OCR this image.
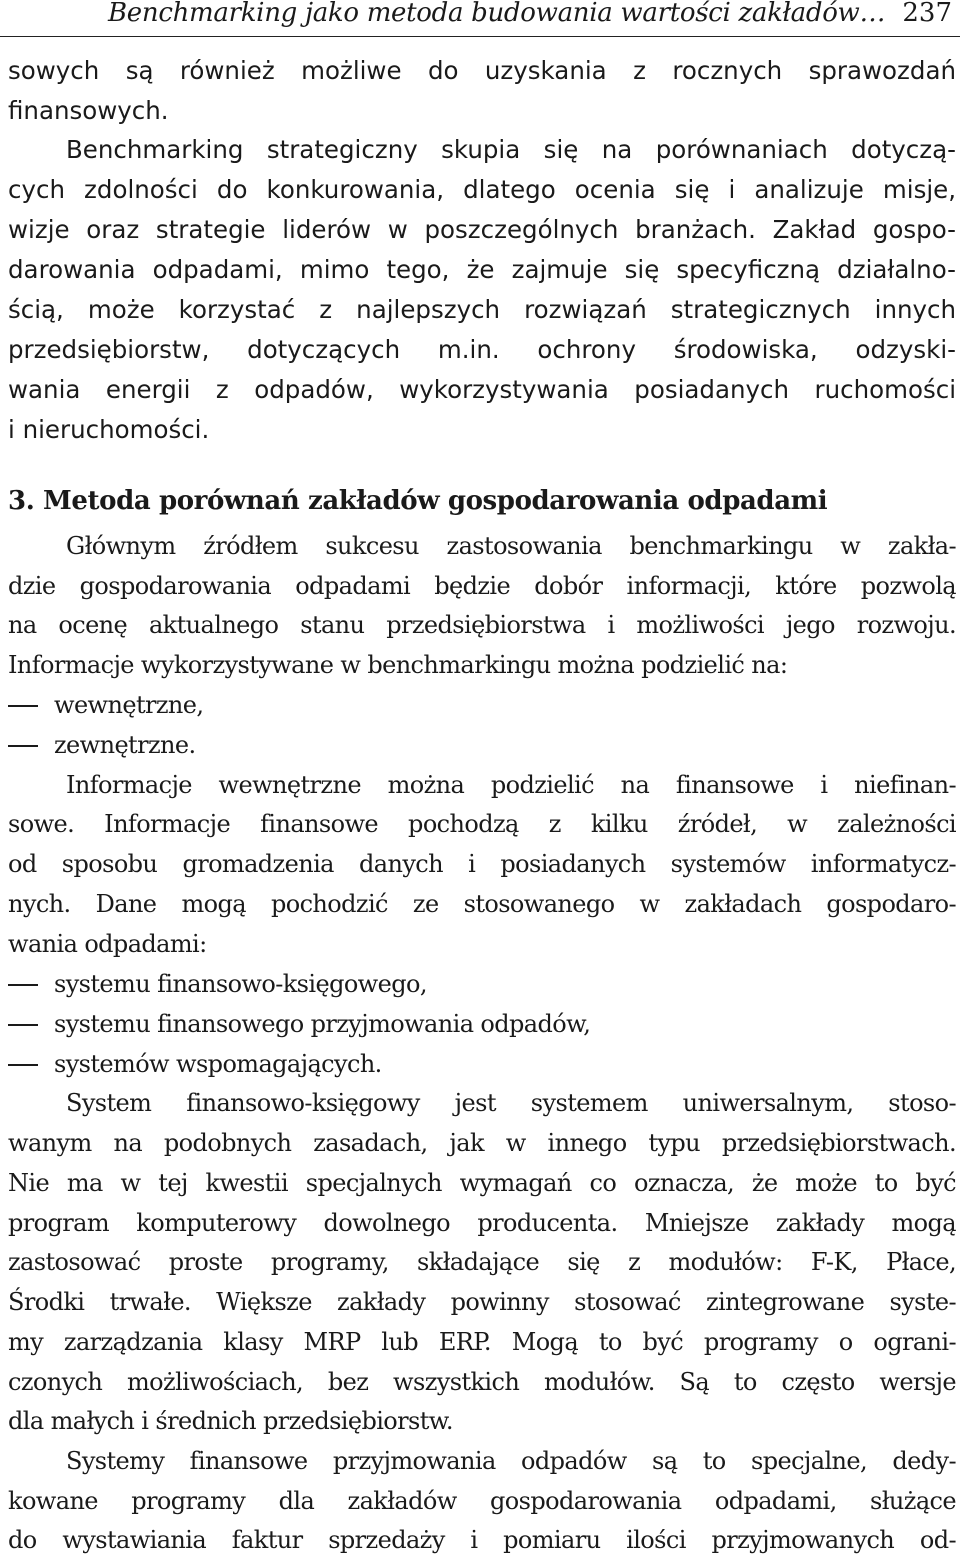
Benchmarking jako metoda budowania wartości zakładów… 237
sowych są również możliwe do uzyskania z rocznych sprawozdań
finansowych.
Benchmarking strategiczny skupia się na porównaniach dotyczą-
cych zdolności do konkurowania, dlatego ocenia się i analizuje misje,
wizje oraz strategie liderów w poszczególnych branżach. Zakład gospo-
darowania odpadami, mimo tego, że zajmuje się specyficzną działalno-
ścią, może korzystać z najlepszych rozwiązań strategicznych innych
przedsiębiorstw, dotyczących m.in. ochrony środowiska, odzyski-
wania energii z odpadów, wykorzystywania posiadanych ruchomości
i nieruchomości.
3. Metoda porównań zakładów gospodarowania odpadami
Głównym źródłem sukcesu zastosowania benchmarkingu w zakła-
dzie gospodarowania odpadami będzie dobór informacji, które pozwolą
na ocenę aktualnego stanu przedsiębiorstwa i możliwości jego rozwoju.
Informacje wykorzystywane w benchmarkingu można podzielić na:
wewnętrzne,
zewnętrzne.
Informacje wewnętrzne można podzielić na finansowe i niefinan-
sowe. Informacje finansowe pochodzą z kilku źródeł, w zależności
od sposobu gromadzenia danych i posiadanych systemów informatycz-
nych. Dane mogą pochodzić ze stosowanego w zakładach gospodaro-
wania odpadami:
systemu finansowo-księgowego,
systemu finansowego przyjmowania odpadów,
systemów wspomagających.
System finansowo-księgowy jest systemem uniwersalnym, stoso-
wanym na podobnych zasadach, jak w innego typu przedsiębiorstwach.
Nie ma w tej kwestii specjalnych wymagań co oznacza, że może to być
program komputerowy dowolnego producenta. Mniejsze zakłady mogą
zastosować proste programy, składające się z modułów: F-K, Płace,
Środki trwałe. Większe zakłady powinny stosować zintegrowane syste-
my zarządzania klasy MRP lub ERP. Mogą to być programy o ograni-
czonych możliwościach, bez wszystkich modułów. Są to często wersje
dla małych i średnich przedsiębiorstw.
Systemy finansowe przyjmowania odpadów są to specjalne, dedy-
kowane programy dla zakładów gospodarowania odpadami, służące
do wystawiania faktur sprzedaży i pomiaru ilości przyjmowanych od-
